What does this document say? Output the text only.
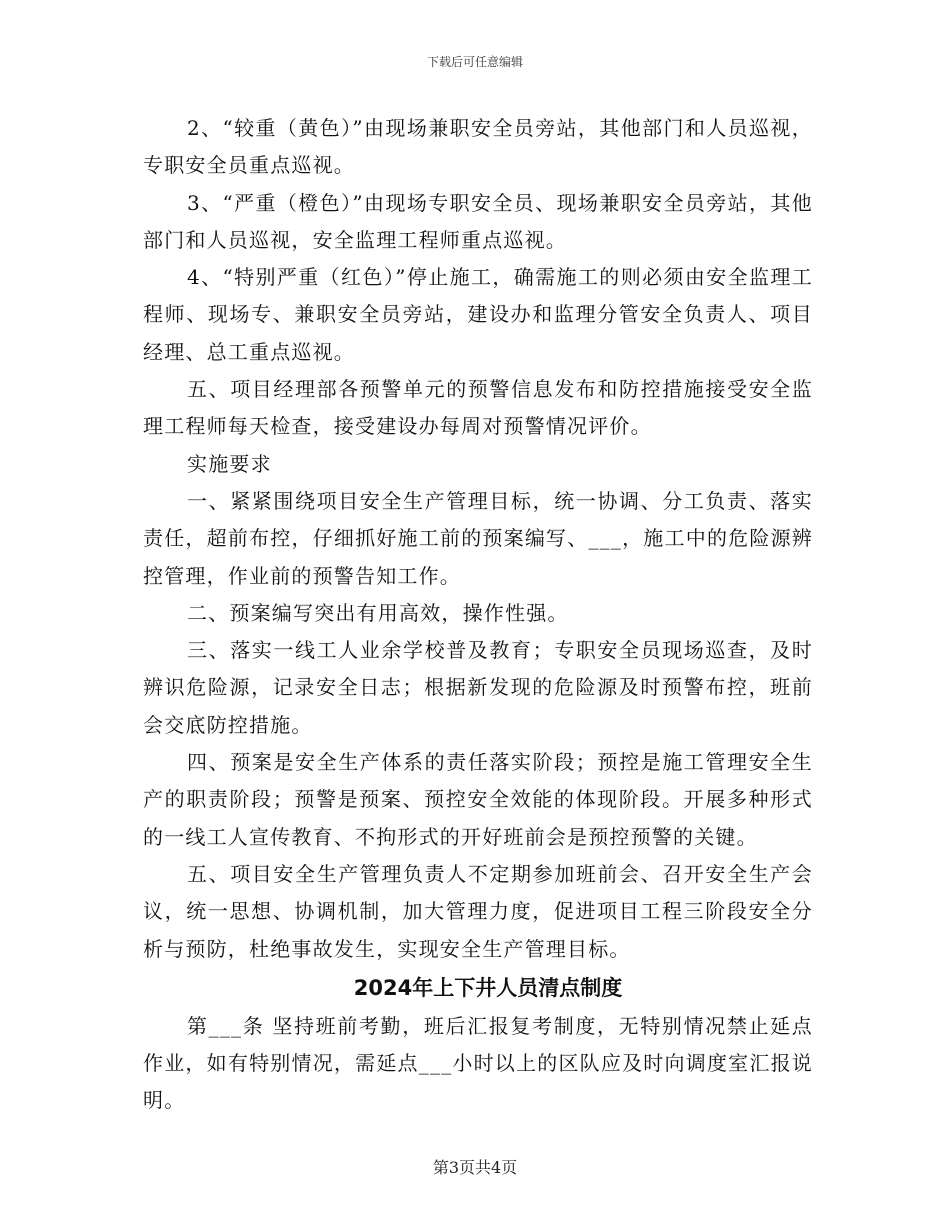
下载后可任意编辑

2、“较重（黄色）”由现场兼职安全员旁站，其他部门和人员巡视，专职安全员重点巡视。

3、“严重（橙色）”由现场专职安全员、现场兼职安全员旁站，其他部门和人员巡视，安全监理工程师重点巡视。

4、“特别严重（红色）”停止施工，确需施工的则必须由安全监理工程师、现场专、兼职安全员旁站，建设办和监理分管安全负责人、项目经理、总工重点巡视。

五、项目经理部各预警单元的预警信息发布和防控措施接受安全监理工程师每天检查，接受建设办每周对预警情况评价。

实施要求

一、紧紧围绕项目安全生产管理目标，统一协调、分工负责、落实责任，超前布控，仔细抓好施工前的预案编写、___，施工中的危险源辨控管理，作业前的预警告知工作。

二、预案编写突出有用高效，操作性强。

三、落实一线工人业余学校普及教育；专职安全员现场巡查，及时辨识危险源，记录安全日志；根据新发现的危险源及时预警布控，班前会交底防控措施。

四、预案是安全生产体系的责任落实阶段；预控是施工管理安全生产的职责阶段；预警是预案、预控安全效能的体现阶段。开展多种形式的一线工人宣传教育、不拘形式的开好班前会是预控预警的关键。

五、项目安全生产管理负责人不定期参加班前会、召开安全生产会议，统一思想、协调机制，加大管理力度，促进项目工程三阶段安全分析与预防，杜绝事故发生，实现安全生产管理目标。

2024年上下井人员清点制度

第___条 坚持班前考勤，班后汇报复考制度，无特别情况禁止延点作业，如有特别情况，需延点___小时以上的区队应及时向调度室汇报说明。

第3页共4页
